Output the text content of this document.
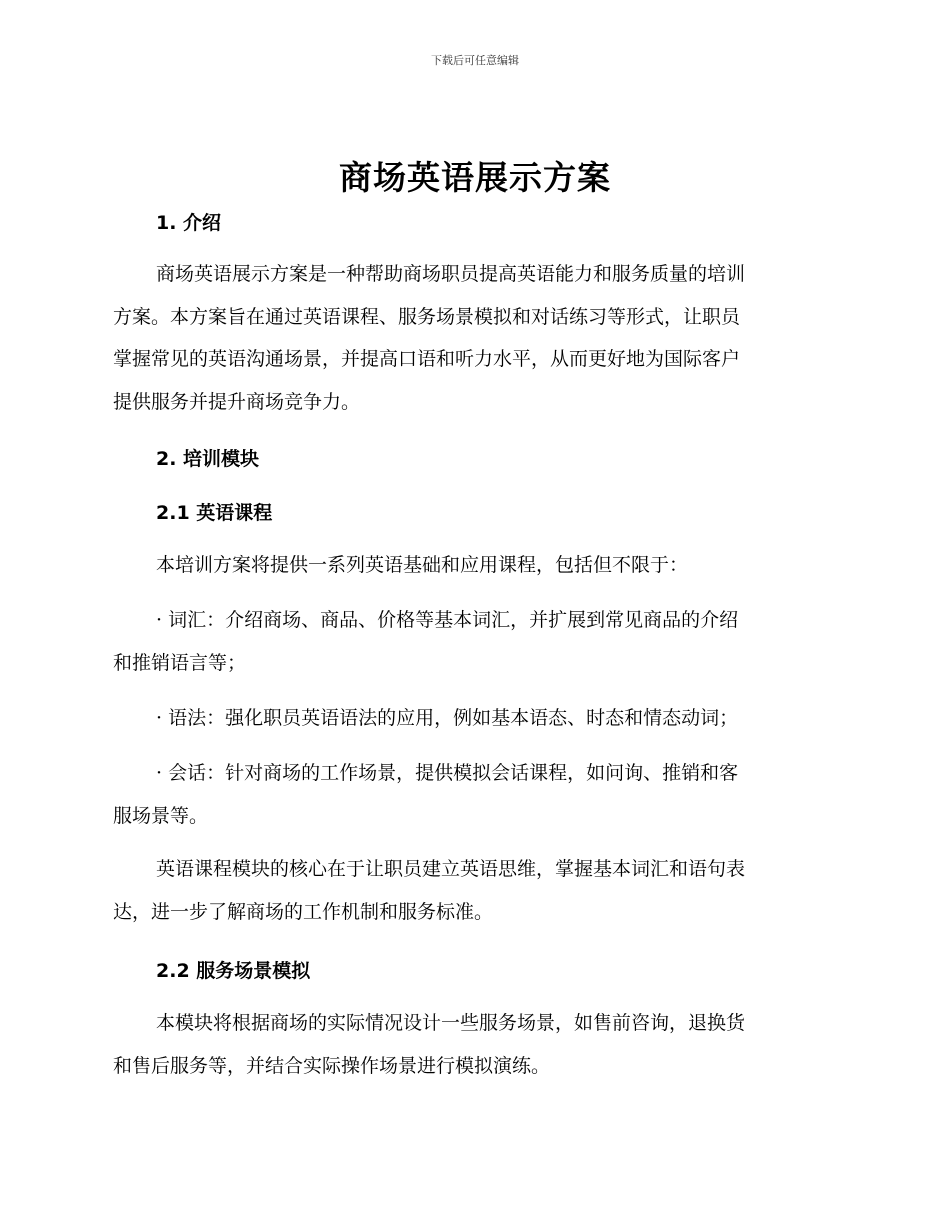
下载后可任意编辑
商场英语展示方案
1. 介绍
商场英语展示方案是一种帮助商场职员提高英语能力和服务质量的培训
方案。本方案旨在通过英语课程、服务场景模拟和对话练习等形式，让职员
掌握常见的英语沟通场景，并提高口语和听力水平，从而更好地为国际客户
提供服务并提升商场竞争力。
2. 培训模块
2.1 英语课程
本培训方案将提供一系列英语基础和应用课程，包括但不限于：
· 词汇：介绍商场、商品、价格等基本词汇，并扩展到常见商品的介绍
和推销语言等；
· 语法：强化职员英语语法的应用，例如基本语态、时态和情态动词；
· 会话：针对商场的工作场景，提供模拟会话课程，如问询、推销和客
服场景等。
英语课程模块的核心在于让职员建立英语思维，掌握基本词汇和语句表
达，进一步了解商场的工作机制和服务标准。
2.2 服务场景模拟
本模块将根据商场的实际情况设计一些服务场景，如售前咨询，退换货
和售后服务等，并结合实际操作场景进行模拟演练。
